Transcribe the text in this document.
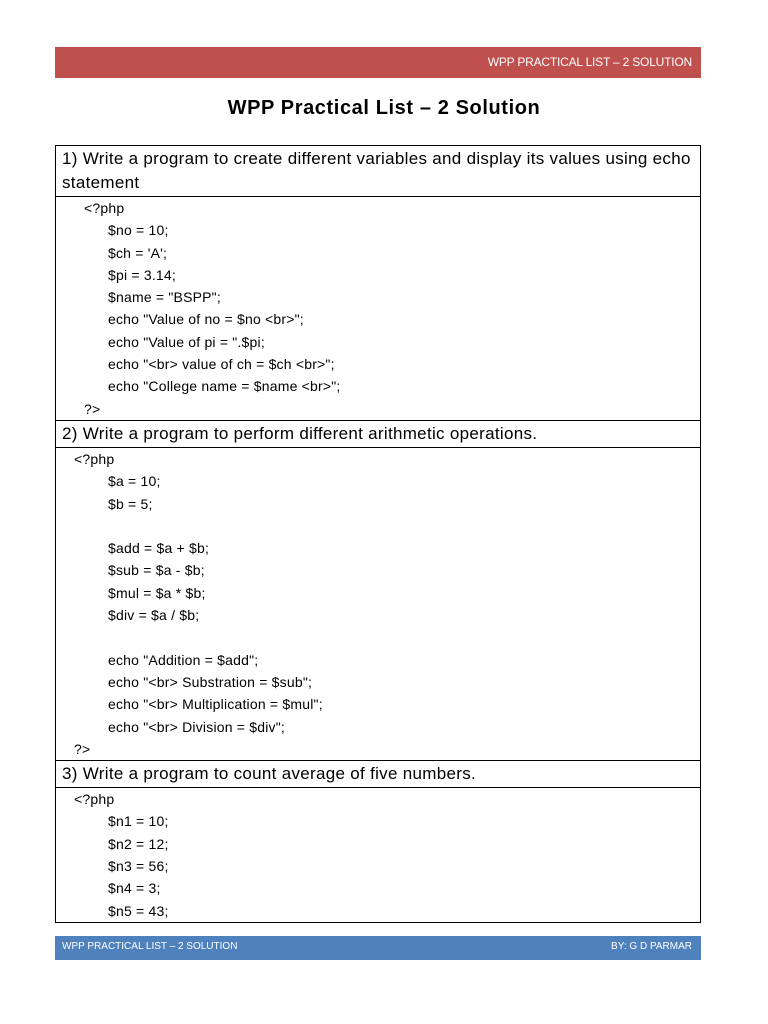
WPP PRACTICAL LIST – 2 SOLUTION
WPP Practical List – 2 Solution
1) Write a program to create different variables and display its values using echo statement
<?php
$no = 10;
$ch = 'A';
$pi = 3.14;
$name = "BSPP";
echo "Value of no = $no <br>";
echo "Value of pi = ".$pi;
echo "<br> value of ch = $ch <br>";
echo "College name = $name <br>";
?>
2) Write a program to perform different arithmetic operations.
<?php
$a = 10;
$b = 5;
$add = $a + $b;
$sub = $a - $b;
$mul = $a * $b;
$div = $a / $b;
echo "Addition = $add";
echo "<br> Substration = $sub";
echo "<br> Multiplication = $mul";
echo "<br> Division = $div";
?>
3) Write a program to count average of five numbers.
<?php
$n1 = 10;
$n2 = 12;
$n3 = 56;
$n4 = 3;
$n5 = 43;
WPP PRACTICAL LIST – 2 SOLUTION	BY: G D PARMAR
